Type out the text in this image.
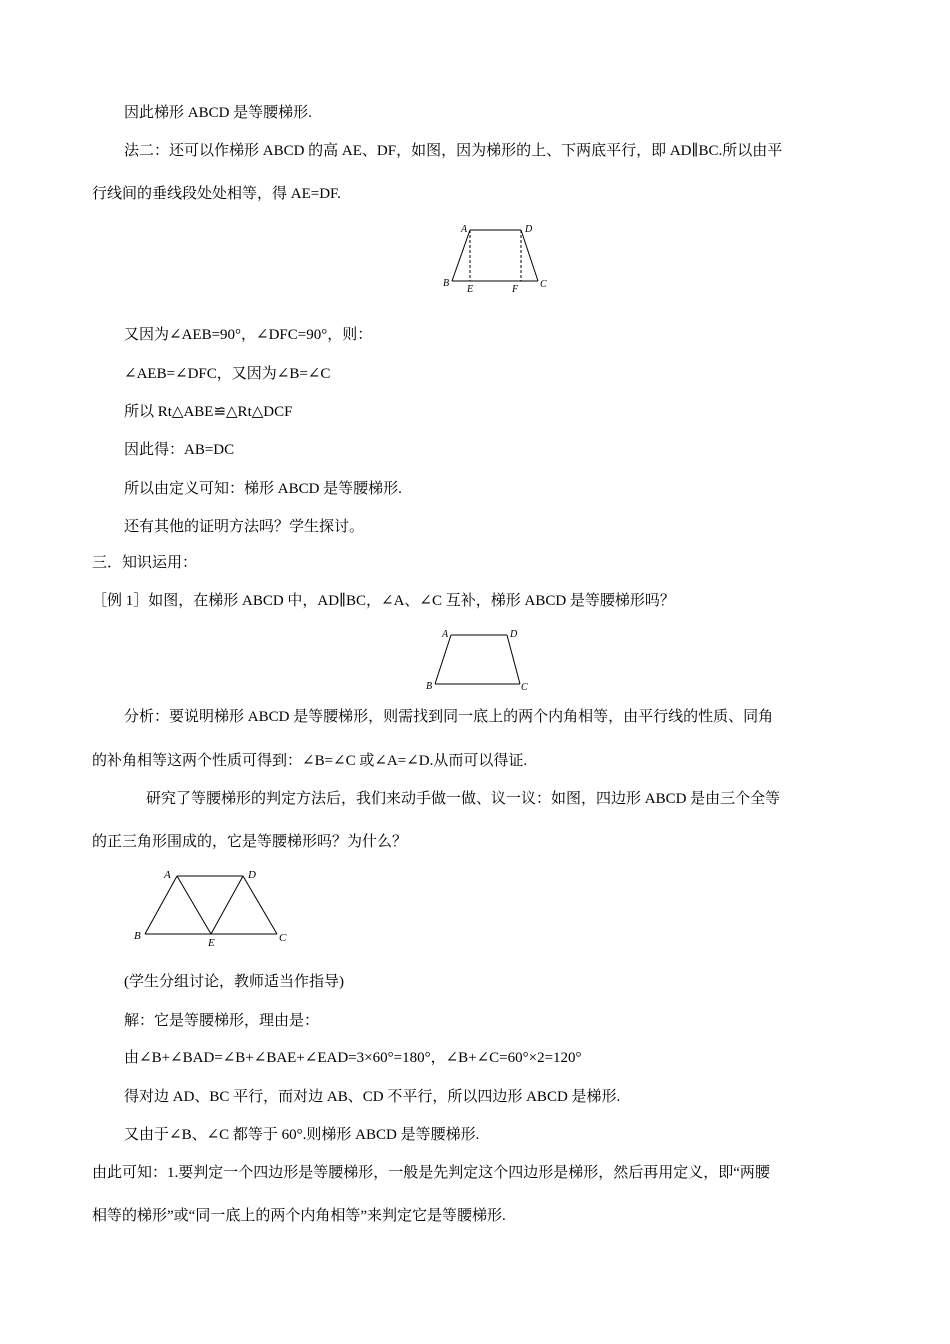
因此梯形 ABCD 是等腰梯形.
法二：还可以作梯形 ABCD 的高 AE、DF，如图，因为梯形的上、下两底平行，即 AD∥BC.所以由平
行线间的垂线段处处相等，得 AE=DF.
A	D
B
E	F C
又因为∠AEB=90°，∠DFC=90°，则：
∠AEB=∠DFC，又因为∠B=∠C
所以 Rt△ABE≌△Rt△DCF
因此得：AB=DC
所以由定义可知：梯形 ABCD 是等腰梯形.
还有其他的证明方法吗？学生探讨。
三．知识运用：
［例 1］如图，在梯形 ABCD 中，AD∥BC，∠A、∠C 互补，梯形 ABCD 是等腰梯形吗？
A	D
B	C
分析：要说明梯形 ABCD 是等腰梯形，则需找到同一底上的两个内角相等，由平行线的性质、同角
的补角相等这两个性质可得到：∠B=∠C 或∠A=∠D.从而可以得证.
研究了等腰梯形的判定方法后，我们来动手做一做、议一议：如图，四边形 ABCD 是由三个全等
的正三角形围成的，它是等腰梯形吗？为什么？
A	D
B
E	C
(学生分组讨论，教师适当作指导)
解：它是等腰梯形，理由是：
由∠B+∠BAD=∠B+∠BAE+∠EAD=3×60°=180°，∠B+∠C=60°×2=120°
得对边 AD、BC 平行，而对边 AB、CD 不平行，所以四边形 ABCD 是梯形.
又由于∠B、∠C 都等于 60°.则梯形 ABCD 是等腰梯形.
由此可知：1.要判定一个四边形是等腰梯形，一般是先判定这个四边形是梯形，然后再用定义，即“两腰
相等的梯形”或“同一底上的两个内角相等”来判定它是等腰梯形.
